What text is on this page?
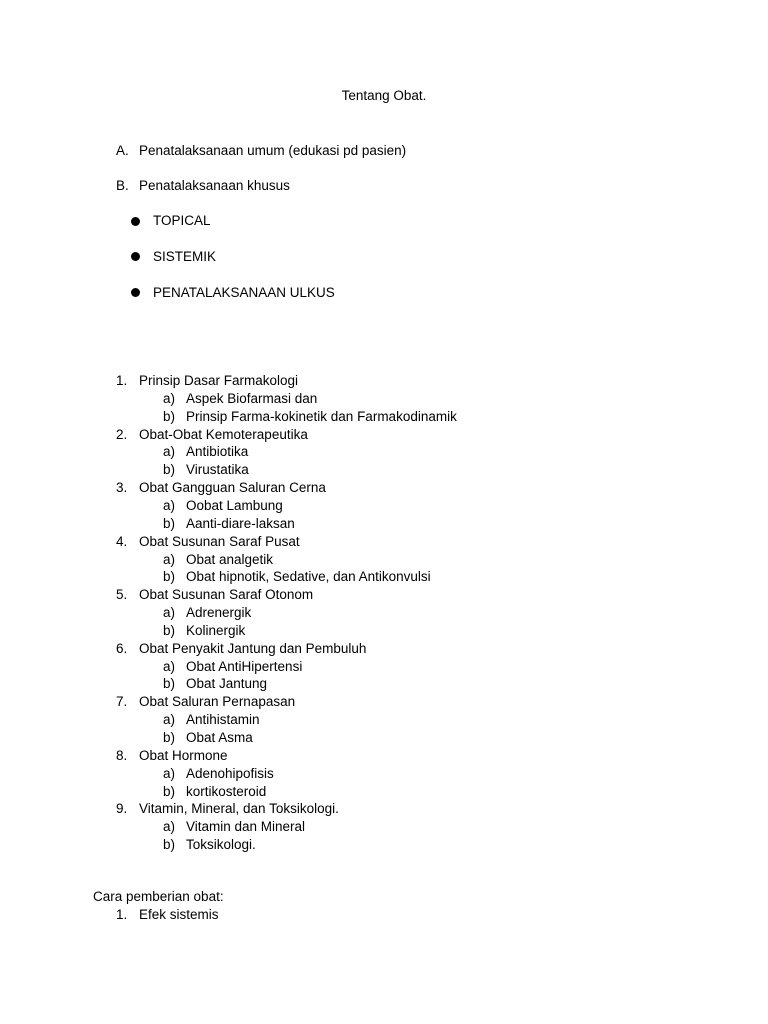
Tentang Obat.
A. Penatalaksanaan umum (edukasi pd pasien)
B. Penatalaksanaan khusus
TOPICAL
SISTEMIK
PENATALAKSANAAN ULKUS
1. Prinsip Dasar Farmakologi
a) Aspek Biofarmasi dan
b) Prinsip Farma-kokinetik dan Farmakodinamik
2. Obat-Obat Kemoterapeutika
a) Antibiotika
b) Virustatika
3. Obat Gangguan Saluran Cerna
a) Oobat Lambung
b) Aanti-diare-laksan
4. Obat Susunan Saraf Pusat
a) Obat analgetik
b) Obat hipnotik, Sedative, dan Antikonvulsi
5. Obat Susunan Saraf Otonom
a) Adrenergik
b) Kolinergik
6. Obat Penyakit Jantung dan Pembuluh
a) Obat AntiHipertensi
b) Obat Jantung
7. Obat Saluran Pernapasan
a) Antihistamin
b) Obat Asma
8. Obat Hormone
a) Adenohipofisis
b) kortikosteroid
9. Vitamin, Mineral, dan Toksikologi.
a) Vitamin dan Mineral
b) Toksikologi.
Cara pemberian obat:
1. Efek sistemis
